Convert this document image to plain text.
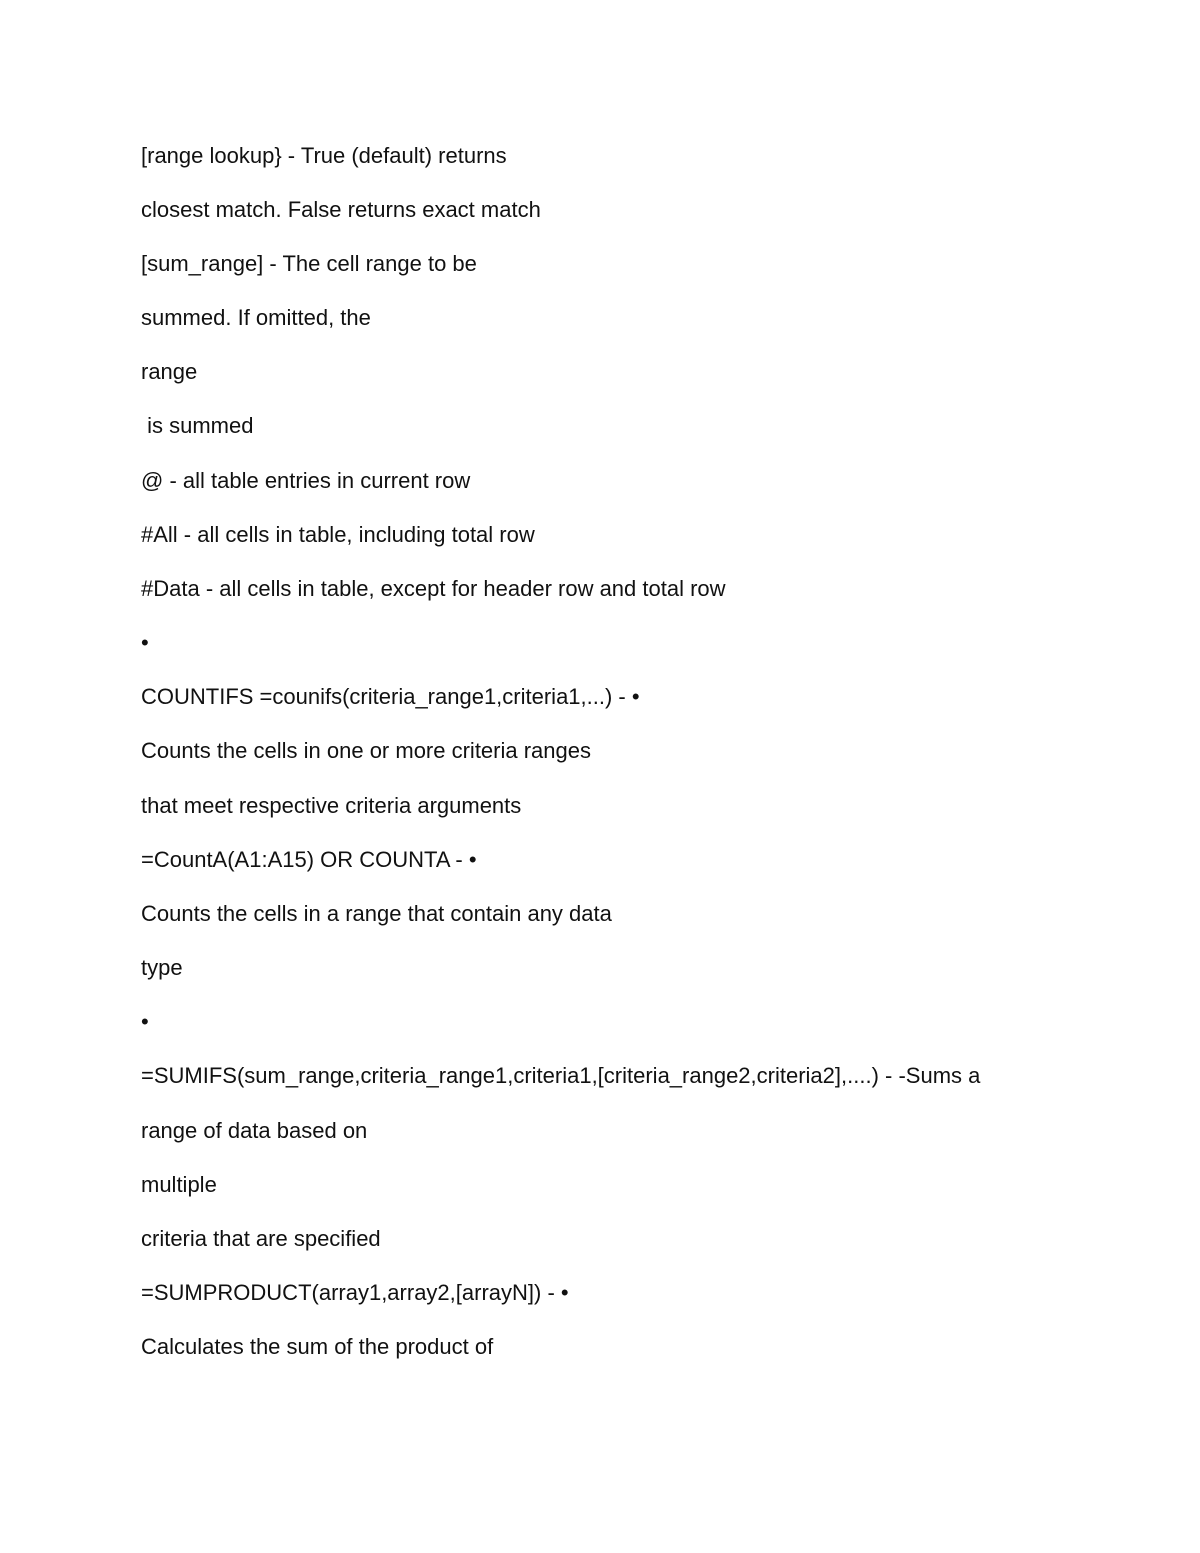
[range lookup} - True (default) returns
closest match. False returns exact match
[sum_range] - The cell range to be
summed. If omitted, the
range
is summed
@ - all table entries in current row
#All - all cells in table, including total row
#Data - all cells in table, except for header row and total row
•
COUNTIFS =counifs(criteria_range1,criteria1,...) - •
Counts the cells in one or more criteria ranges
that meet respective criteria arguments
=CountA(A1:A15) OR COUNTA - •
Counts the cells in a range that contain any data
type
•
=SUMIFS(sum_range,criteria_range1,criteria1,[criteria_range2,criteria2],....) - -Sums a
range of data based on
multiple
criteria that are specified
=SUMPRODUCT(array1,array2,[arrayN]) - •
Calculates the sum of the product of
